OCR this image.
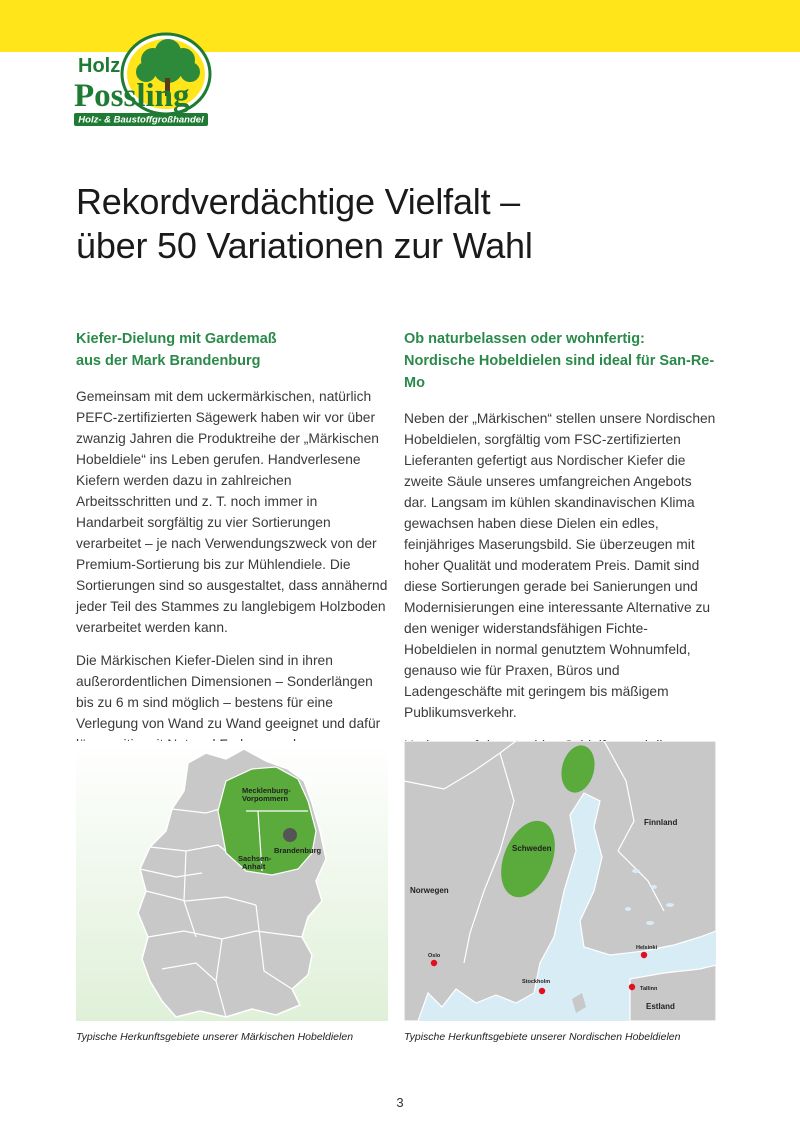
Holz
Possling
Holz- & Baustoffgroßhandel
Rekordverdächtige Vielfalt –
über 50 Variationen zur Wahl
Kiefer-Dielung mit Gardemaß
aus der Mark Brandenburg

Gemeinsam mit dem uckermärkischen, natürlich PEFC-zertifizierten Sägewerk haben wir vor über zwanzig Jahren die Produktreihe der „Märkischen Hobeldiele“ ins Leben gerufen. Handverlesene Kiefern werden dazu in zahlreichen Arbeitsschritten und z. T. noch immer in Handarbeit sorgfältig zu vier Sortierungen verarbeitet – je nach Verwendungszweck von der Premium-Sortierung bis zur Mühlendiele. Die Sortierungen sind so ausgestaltet, dass annähernd jeder Teil des Stammes zu langlebigem Holzboden verarbeitet werden kann.

Die Märkischen Kiefer-Dielen sind in ihren außerordentlichen Dimensionen – Sonderlängen bis zu 6 m sind möglich – bestens für eine Verlegung von Wand zu Wand geeignet und dafür

Ob naturbelassen oder wohnfertig:
Nordische Hobeldielen sind ideal für San-Re-Mo

Neben der „Märkischen“ stellen unsere Nordischen Hobeldielen, sorgfältig vom FSC-zertifizierten Lieferanten gefertigt aus Nordischer Kiefer die zweite Säule unseres umfangreichen Angebots dar. Langsam im kühlen skandinavischen Klima gewachsen haben diese Dielen ein edles, feinjähriges Maserungsbild. Sie überzeugen mit hoher Qualität und moderatem Preis. Damit sind diese Sortierungen gerade bei Sanierungen und Modernisierungen eine interessante Alternative zu den weniger widerstandsfähigen Fichte-Hobeldielen in normal genutztem Wohnumfeld, genauso wie für Praxen, Büros und Ladengeschäfte mit geringem bis mäßigem Publikumsverkehr.

Mecklenburg-
Vorpommern
Brandenburg
Sachsen-
Anhalt
Finnland
Schweden
Norwegen
Oslo
Stockholm
Helsinki
Tallinn
Estland
Typische Herkunftsgebiete unserer Märkischen Hobeldielen	Typische Herkunftsgebiete unserer Nordischen Hobeldielen
3
